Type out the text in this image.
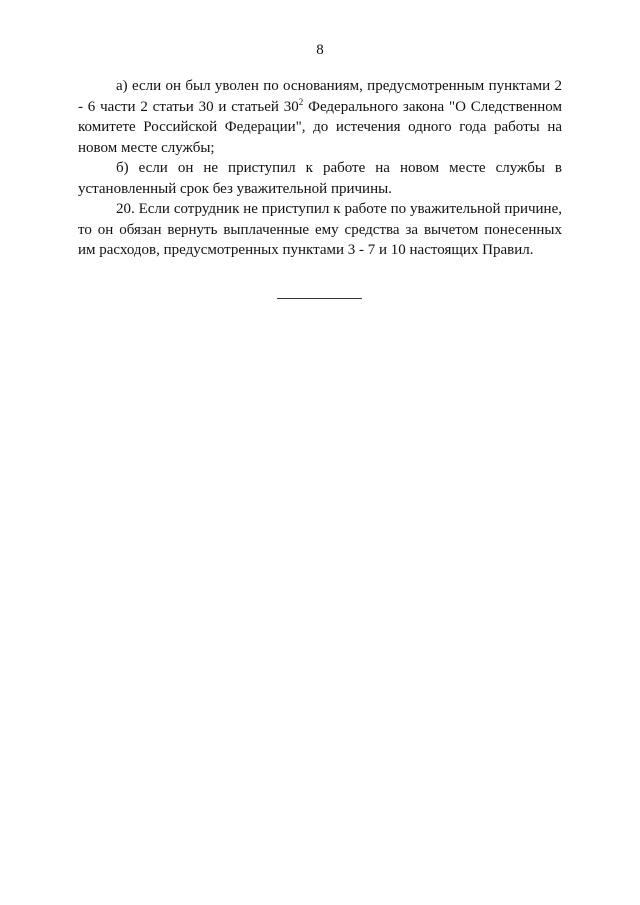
8

а) если он был уволен по основаниям, предусмотренным пунктами 2 - 6 части 2 статьи 30 и статьей $30^2$ Федерального закона "О Следственном комитете Российской Федерации", до истечения одного года работы на новом месте службы;

б) если он не приступил к работе на новом месте службы в установленный срок без уважительной причины.

20. Если сотрудник не приступил к работе по уважительной причине, то он обязан вернуть выплаченные ему средства за вычетом понесенных им расходов, предусмотренных пунктами 3 - 7 и 10 настоящих Правил.
